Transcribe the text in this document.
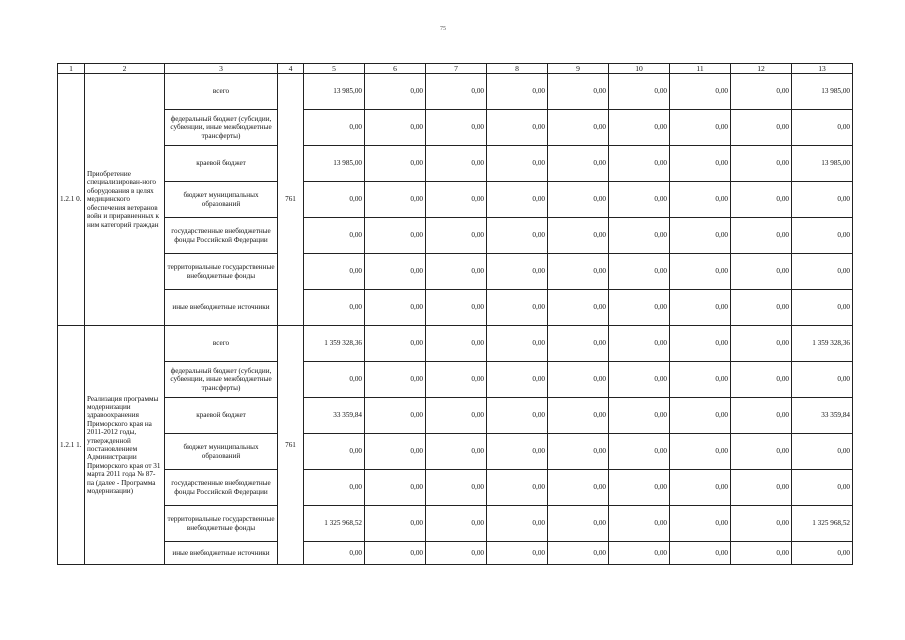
75
1	2	3	4	5	6	7	8	9	10	11	12	13
1.2.1 0.	Приобретение специализирован-ного оборудования в целях медицинского обеспечения ветеранов войн и приравненных к ним категорий граждан	всего	761	13 985,00	0,00	0,00	0,00	0,00	0,00	0,00	0,00	13 985,00
		федеральный бюджет (субсидии, субвенции, иные межбюджетные трансферты)		0,00	0,00	0,00	0,00	0,00	0,00	0,00	0,00	0,00
		краевой бюджет		13 985,00	0,00	0,00	0,00	0,00	0,00	0,00	0,00	13 985,00
		бюджет муниципальных образований		0,00	0,00	0,00	0,00	0,00	0,00	0,00	0,00	0,00
		государственные внебюджетные фонды Российской Федерации		0,00	0,00	0,00	0,00	0,00	0,00	0,00	0,00	0,00
		территориальные государственные внебюджетные фонды		0,00	0,00	0,00	0,00	0,00	0,00	0,00	0,00	0,00
		иные внебюджетные источники		0,00	0,00	0,00	0,00	0,00	0,00	0,00	0,00	0,00
1.2.1 1.	Реализация программы модернизации здравоохранения Приморского края на 2011-2012 годы, утвержденной постановлением Администрации Приморского края от 31 марта 2011 года № 87-па (далее - Программа модернизации)	всего	761	1 359 328,36	0,00	0,00	0,00	0,00	0,00	0,00	0,00	1 359 328,36
		федеральный бюджет (субсидии, субвенции, иные межбюджетные трансферты)		0,00	0,00	0,00	0,00	0,00	0,00	0,00	0,00	0,00
		краевой бюджет		33 359,84	0,00	0,00	0,00	0,00	0,00	0,00	0,00	33 359,84
		бюджет муниципальных образований		0,00	0,00	0,00	0,00	0,00	0,00	0,00	0,00	0,00
		государственные внебюджетные фонды Российской Федерации		0,00	0,00	0,00	0,00	0,00	0,00	0,00	0,00	0,00
		территориальные государственные внебюджетные фонды		1 325 968,52	0,00	0,00	0,00	0,00	0,00	0,00	0,00	1 325 968,52
		иные внебюджетные источники		0,00	0,00	0,00	0,00	0,00	0,00	0,00	0,00	0,00
